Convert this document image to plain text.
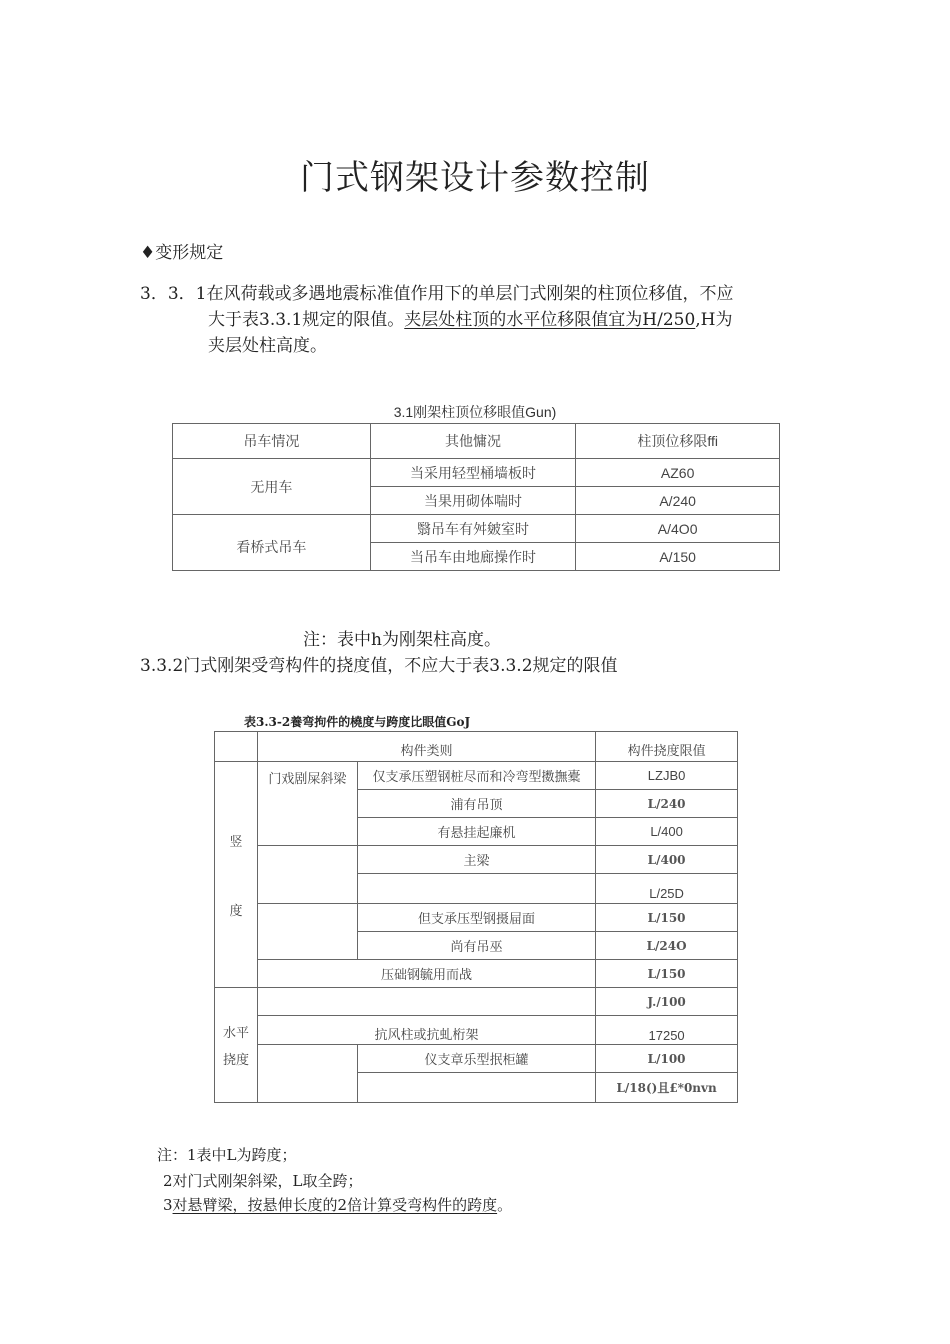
门式钢架设计参数控制
♦变形规定
3．3．1在风荷载或多遇地震标准值作用下的单层门式刚架的柱顶位移值，不应
大于表3.3.1规定的限值。夹层处柱顶的水平位移限值宜为H/250,H为
夹层处柱高度。
3.1刚架柱顶位移眼值Gun)
吊车情况	其他慵况	柱顶位移限ffi
无用车	当采用轻型桶墙板时	AZ60
	当果用砌体喘时	A/240
	翳吊车有舛皴室时	A/4O0
看桥式吊车		
	当吊车由地廊操作时	A/150
注：表中h为刚架柱高度。
3.3.2门式刚架受弯构件的挠度值，不应大于表3.3.2规定的限值
表3.3-2養弯拘件的橈度与跨度比眼值GoJ
	构件类则		构件挠度限值

竖
度	门戏剧屎斜梁	仅支承压塑钢桩尽而和冷弯型擞撫橐	LZJB0
		浦有吊顶	L/240
		有悬挂起廉机	L/400
		主梁	L/400
			L/25D
		但支承压型钢摄屇面	L/150
		尚有吊巫	L/24O
	压础钢毓用而战		L/150

水平
挠度			J./100
	抗风柱或抗虬桁架		17250
		仪支章乐型抿柜罐	L/100
			L/18()且£*0nvn
注：1表中L为跨度；
2对门式刚架斜梁，L取全跨；
3对悬臂梁，按悬伸长度的2倍计算受弯构件的跨度。
